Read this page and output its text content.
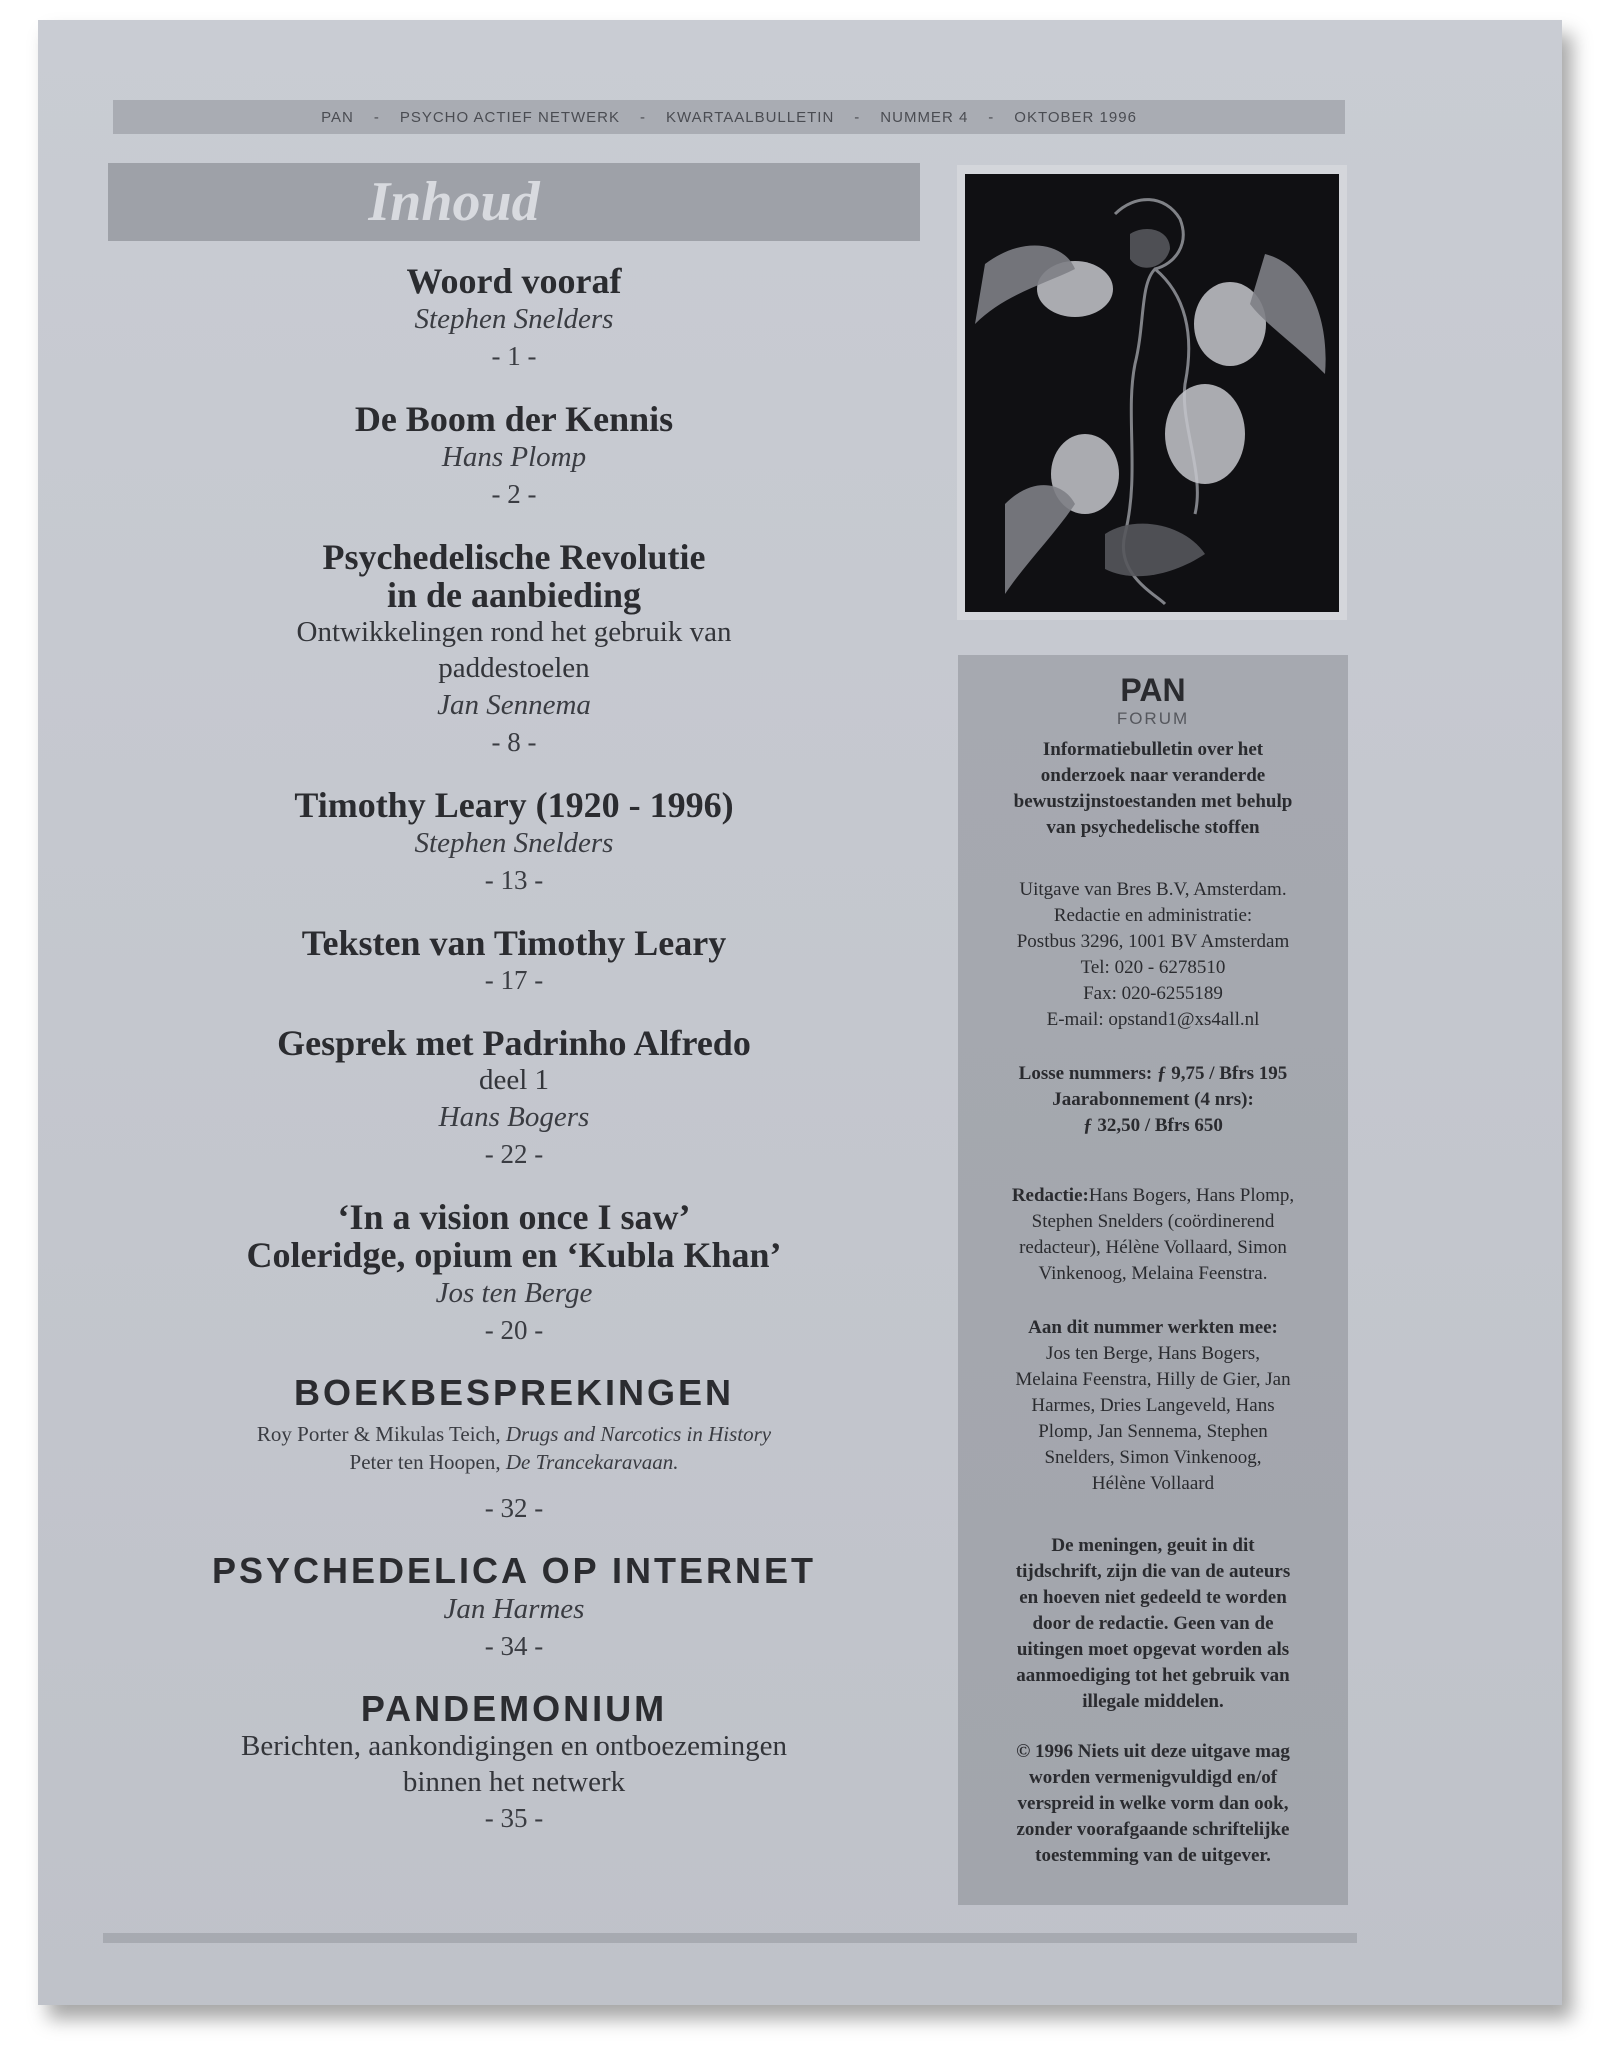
PAN - PSYCHO ACTIEF NETWERK - KWARTAALBULLETIN - NUMMER 4 - OKTOBER 1996
Inhoud
Woord vooraf
Stephen Snelders
- 1 -
De Boom der Kennis
Hans Plomp
- 2 -
Psychedelische Revolutie
in de aanbieding
Ontwikkelingen rond het gebruik van
paddestoelen
Jan Sennema
- 8 -
Timothy Leary (1920 - 1996)
Stephen Snelders
- 13 -
Teksten van Timothy Leary
- 17 -
Gesprek met Padrinho Alfredo
deel 1
Hans Bogers
- 22 -
‘In a vision once I saw’
Coleridge, opium en ‘Kubla Khan’
Jos ten Berge
- 20 -
BOEKBESPREKINGEN
Roy Porter & Mikulas Teich, Drugs and Narcotics in History
Peter ten Hoopen, De Trancekaravaan.
- 32 -
PSYCHEDELICA OP INTERNET
Jan Harmes
- 34 -
PANDEMONIUM
Berichten, aankondigingen en ontboezemingen
binnen het netwerk
- 35 -
PAN
FORUM
Informatiebulletin over het
onderzoek naar veranderde
bewustzijnstoestanden met behulp
van psychedelische stoffen
Uitgave van Bres B.V, Amsterdam.
Redactie en administratie:
Postbus 3296, 1001 BV Amsterdam
Tel: 020 - 6278510
Fax: 020-6255189
E-mail: opstand1@xs4all.nl
Losse nummers: ƒ 9,75 / Bfrs 195
Jaarabonnement (4 nrs):
ƒ 32,50 / Bfrs 650
Redactie:Hans Bogers, Hans Plomp,
Stephen Snelders (coördinerend
redacteur), Hélène Vollaard, Simon
Vinkenoog, Melaina Feenstra.
Aan dit nummer werkten mee:
Jos ten Berge, Hans Bogers,
Melaina Feenstra, Hilly de Gier, Jan
Harmes, Dries Langeveld, Hans
Plomp, Jan Sennema, Stephen
Snelders, Simon Vinkenoog,
Hélène Vollaard
De meningen, geuit in dit
tijdschrift, zijn die van de auteurs
en hoeven niet gedeeld te worden
door de redactie. Geen van de
uitingen moet opgevat worden als
aanmoediging tot het gebruik van
illegale middelen.
© 1996 Niets uit deze uitgave mag
worden vermenigvuldigd en/of
verspreid in welke vorm dan ook,
zonder voorafgaande schriftelijke
toestemming van de uitgever.
